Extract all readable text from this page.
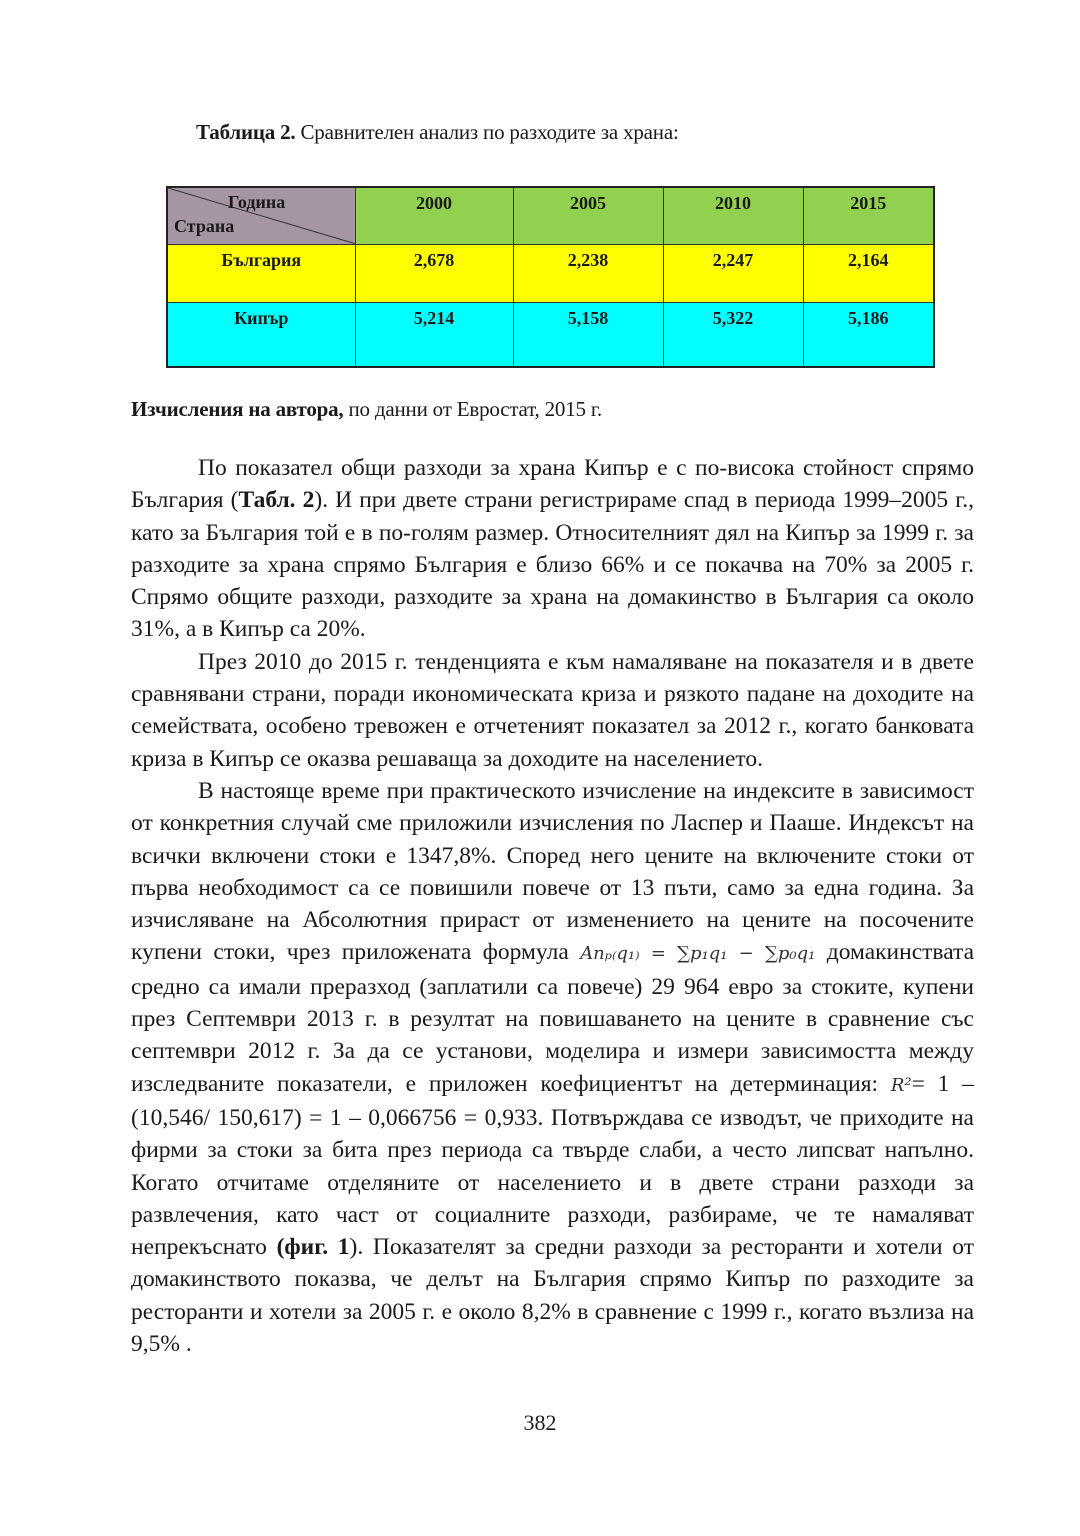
Таблица 2. Сравнителен анализ по разходите за храна:
Година
Страна	2000	2005	2010	2015
България	2,678	2,238	2,247	2,164
Кипър	5,214	5,158	5,322	5,186
Изчисления на автора, по данни от Евростат, 2015 г.

По показател общи разходи за храна Кипър е с по-висока стойност спрямо България (Табл. 2). И при двете страни регистрираме спад в периода 1999–2005 г., като за България той е в по-голям размер. Относителният дял на Кипър за 1999 г. за разходите за храна спрямо България е близо 66% и се покачва на 70% за 2005 г. Спрямо общите разходи, разходите за храна на домакинство в България са около 31%, а в Кипър са 20%.

През 2010 до 2015 г. тенденцията е към намаляване на показателя и в двете сравнявани страни, поради икономическата криза и рязкото падане на доходите на семействата, особено тревожен е отчетеният показател за 2012 г., когато банковата криза в Кипър се оказва решаваща за доходите на населението.

В настояще време при практическото изчисление на индексите в зависимост от конкретния случай сме приложили изчисления по Ласпер и Пааше. Индексът на всички включени стоки е 1347,8%. Според него цените на включените стоки от първа необходимост са се повишили повече от 13 пъти, само за една година. За изчисляване на Абсолютния прираст от изменението на цените на посочените купени стоки, чрез приложената формула Anₚ₍q₁₎ = ∑p₁q₁ − ∑p₀q₁ домакинствата средно са имали преразход (заплатили са повече) 29 964 евро за стоките, купени през Септември 2013 г. в резултат на повишаването на цените в сравнение със септември 2012 г. За да се установи, моделира и измери зависимостта между изследваните показатели, е приложен коефициентът на детерминация: R²= 1 – (10,546/ 150,617) = 1 – 0,066756 = 0,933. Потвърждава се изводът, че приходите на фирми за стоки за бита през периода са твърде слаби, а често липсват напълно. Когато отчитаме отделяните от населението и в двете страни разходи за развлечения, като част от социалните разходи, разбираме, че те намаляват непрекъснато (фиг. 1). Показателят за средни разходи за ресторанти и хотели от домакинството показва, че делът на България спрямо Кипър по разходите за ресторанти и хотели за 2005 г. е около 8,2% в сравнение с 1999 г., когато възлиза на 9,5% .

382
